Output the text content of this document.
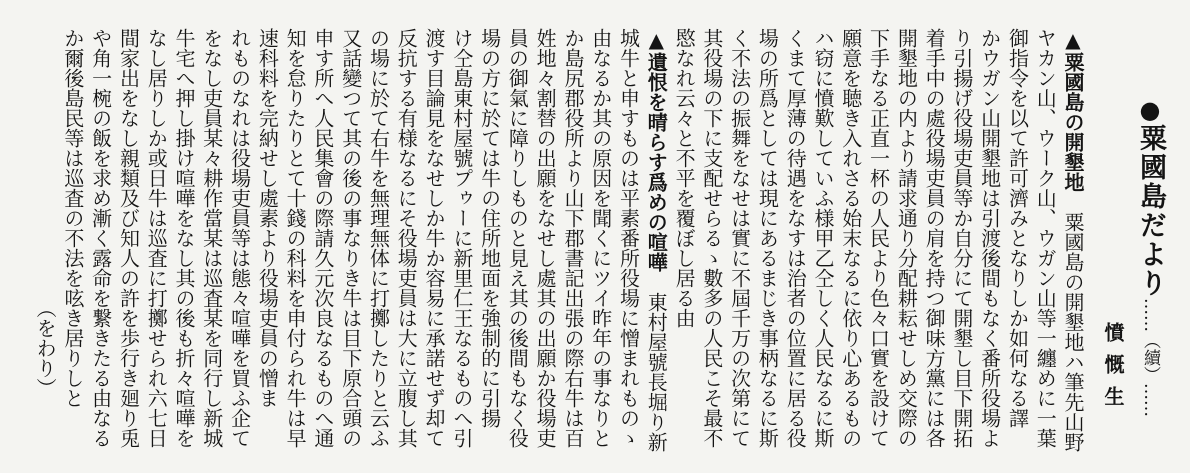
●粟國島だより……（續）……
憤慨生
▲粟國島の開墾地粟國島の開墾地ハ筆先山野
ヤカン山、ウーク山、ウガン山等一纏めに一葉
御指令を以て許可濟みとなりしか如何なる譯
かウガン山開墾地は引渡後間もなく番所役場よ
り引揚げ役場吏員等か自分にて開墾し目下開拓
着手中の處役場吏員の肩を持つ御味方黨には各
開墾地の内より請求通り分配耕耘せしめ交際の
下手なる正直一杯の人民より色々口實を設けて
願意を聴き入れさる始末なるに依り心あるもの
ハ窃に憤歎していふ様甲乙仝しく人民なるに斯
くまて厚薄の待遇をなすは治者の位置に居る役
場の所爲としては現にあるまじき事柄なるに斯
く不法の振舞をなせは實に不屆千万の次第にて
其役場の下に支配せらるゝ數多の人民こそ最不
愍なれ云々と不平を覆ぼし居る由
▲遺恨を晴らす爲めの喧嘩東村屋號長堀り新
城牛と申すものは平素番所役場に憎まれものゝ
由なるか其の原因を聞くにツイ昨年の事なりと
か島尻郡役所より山下郡書記出張の際右牛は百
姓地々割替の出願をなせし處其の出願か役場吏
員の御氣に障りしものと見え其の後間もなく役
場の方に於ては牛の住所地面を強制的に引揚
け仝島東村屋號プゥーに新里仁王なるものへ引
渡す目論見をなせしか牛か容易に承諾せず却て
反抗する有様なるにそ役場吏員は大に立腹し其
の場に於て右牛を無理無体に打擲したりと云ふ
又話變つて其の後の事なりき牛は目下原合頭の
申す所へ人民集會の際請久元次良なるものへ通
知を怠りたりとて十錢の科料を申付られ牛は早
速科料を完納せし處素より役場吏員の憎ま
れものなれは役場吏員等は態々喧嘩を買ふ企て
をなし吏員某々耕作當某は巡査某を同行し新城
牛宅へ押し掛け喧嘩をなし其の後も折々喧嘩を
なし居りしか或日牛は巡査に打擲せられ六七日
間家出をなし親類及び知人の許を歩行き廻り兎
や角一椀の飯を求め漸く露命を繋きたる由なる
か爾後島民等は巡査の不法を呟き居りしと
（をわり）
